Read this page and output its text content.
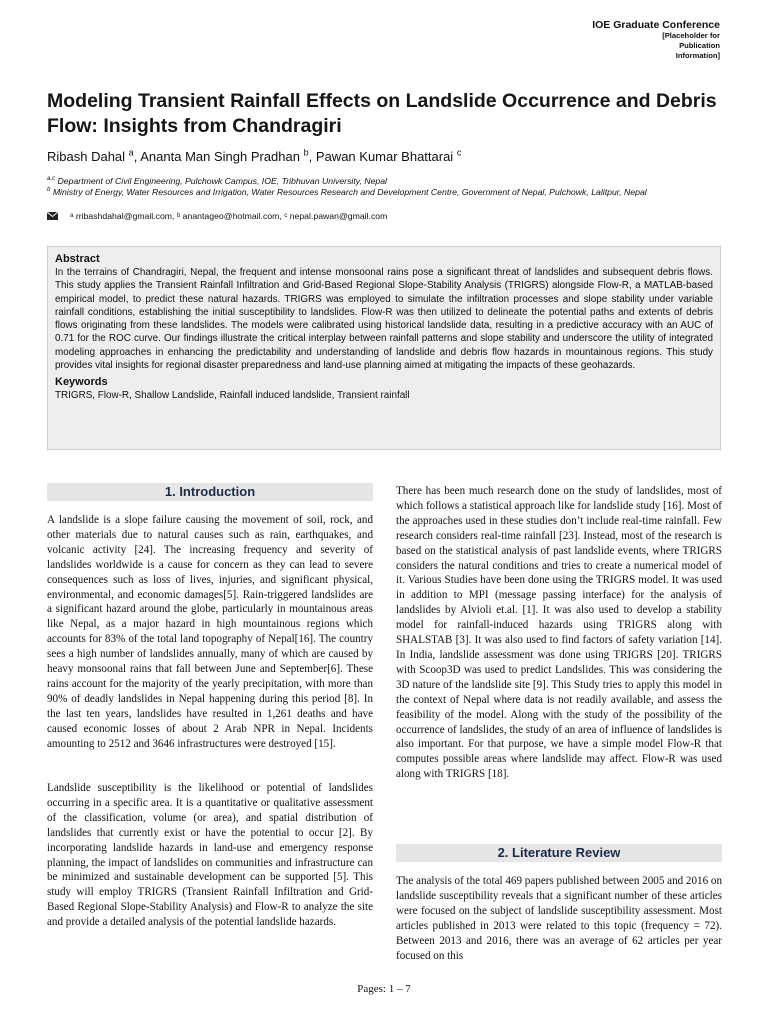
IOE Graduate Conference
[Placeholder for Publication Information]
Modeling Transient Rainfall Effects on Landslide Occurrence and Debris Flow: Insights from Chandragiri
Ribash Dahal $^a$, Ananta Man Singh Pradhan $^b$, Pawan Kumar Bhattarai $^c$
$^{a,c}$ Department of Civil Engineering, Pulchowk Campus, IOE, Tribhuvan University, Nepal
$^b$ Ministry of Energy, Water Resources and Irrigation, Water Resources Research and Development Centre, Government of Nepal, Pulchowk, Lalitpur, Nepal
a
rribashdahal@gmail.com , b
anantageo@hotmail.com , c
nepal.pawan@gmail.com
Abstract

In the terrains of Chandragiri, Nepal, the frequent and intense monsoonal rains pose a significant threat of landslides and subsequent debris flows. This study applies the Transient Rainfall Infiltration and Grid-Based Regional Slope-Stability Analysis (TRIGRS) alongside Flow-R, a MATLAB-based empirical model, to predict these natural hazards. TRIGRS was employed to simulate the infiltration processes and slope stability under variable rainfall conditions, establishing the initial susceptibility to landslides. Flow-R was then utilized to delineate the potential paths and extents of debris flows originating from these landslides. The models were calibrated using historical landslide data, resulting in a predictive accuracy with an AUC of 0.71 for the ROC curve. Our findings illustrate the critical interplay between rainfall patterns and slope stability and underscore the utility of integrated modeling approaches in enhancing the predictability and understanding of landslide and debris flow hazards in mountainous regions. This study provides vital insights for regional disaster preparedness and land-use planning aimed at mitigating the impacts of these geohazards.

Keywords

TRIGRS, Flow-R, Shallow Landslide, Rainfall induced landslide, Transient rainfall

1. Introduction

A landslide is a slope failure causing the movement of soil, rock, and other materials due to natural causes such as rain, earthquakes, and volcanic activity [24]. The increasing frequency and severity of landslides worldwide is a cause for concern as they can lead to severe consequences such as loss of lives, injuries, and significant physical, environmental, and economic damages[5]. Rain-triggered landslides are a significant hazard around the globe, particularly in mountainous areas like Nepal, as a major hazard in high mountainous regions which accounts for 83% of the total land topography of Nepal[16]. The country sees a high number of landslides annually, many of which are caused by heavy monsoonal rains that fall between June and September[6]. These rains account for the majority of the yearly precipitation, with more than 90% of deadly landslides in Nepal happening during this period [8]. In the last ten years, landslides have resulted in 1,261 deaths and have caused economic losses of about 2 Arab NPR in Nepal. Incidents amounting to 2512 and 3646 infrastructures were destroyed [15].

Landslide susceptibility is the likelihood or potential of landslides occurring in a specific area. It is a quantitative or qualitative assessment of the classification, volume (or area), and spatial distribution of landslides that currently exist or have the potential to occur [2]. By incorporating landslide hazards in land-use and emergency response planning, the impact of landslides on communities and infrastructure can be minimized and sustainable development can be supported [5]. This study will employ TRIGRS (Transient Rainfall Infiltration and Grid-Based Regional Slope-Stability Analysis) and Flow-R to analyze the site and provide a detailed analysis of the potential landslide hazards.

There has been much research done on the study of landslides, most of which follows a statistical approach like for landslide study [16]. Most of the approaches used in these studies don’t include real-time rainfall. Few research considers real-time rainfall [23]. Instead, most of the research is based on the statistical analysis of past landslide events, where TRIGRS considers the natural conditions and tries to create a numerical model of it. Various Studies have been done using the TRIGRS model. It was used in addition to MPI (message passing interface) for the analysis of landslides by Alvioli et.al. [1]. It was also used to develop a stability model for rainfall-induced hazards using TRIGRS along with SHALSTAB [3]. It was also used to find factors of safety variation [14]. In India, landslide assessment was done using TRIGRS [20]. TRIGRS with Scoop3D was used to predict Landslides. This was considering the 3D nature of the landslide site [9]. This Study tries to apply this model in the context of Nepal where data is not readily available, and assess the feasibility of the model. Along with the study of the possibility of the occurrence of landslides, the study of an area of influence of landslides is also important. For that purpose, we have a simple model Flow-R that computes possible areas where landslide may affect. Flow-R was used along with TRIGRS [18].

2. Literature Review

The analysis of the total 469 papers published between 2005 and 2016 on landslide susceptibility reveals that a significant number of these articles were focused on the subject of landslide susceptibility assessment. Most articles published in 2013 were related to this topic (frequency = 72). Between 2013 and 2016, there was an average of 62 articles per year focused on this

Pages: 1 – 7
